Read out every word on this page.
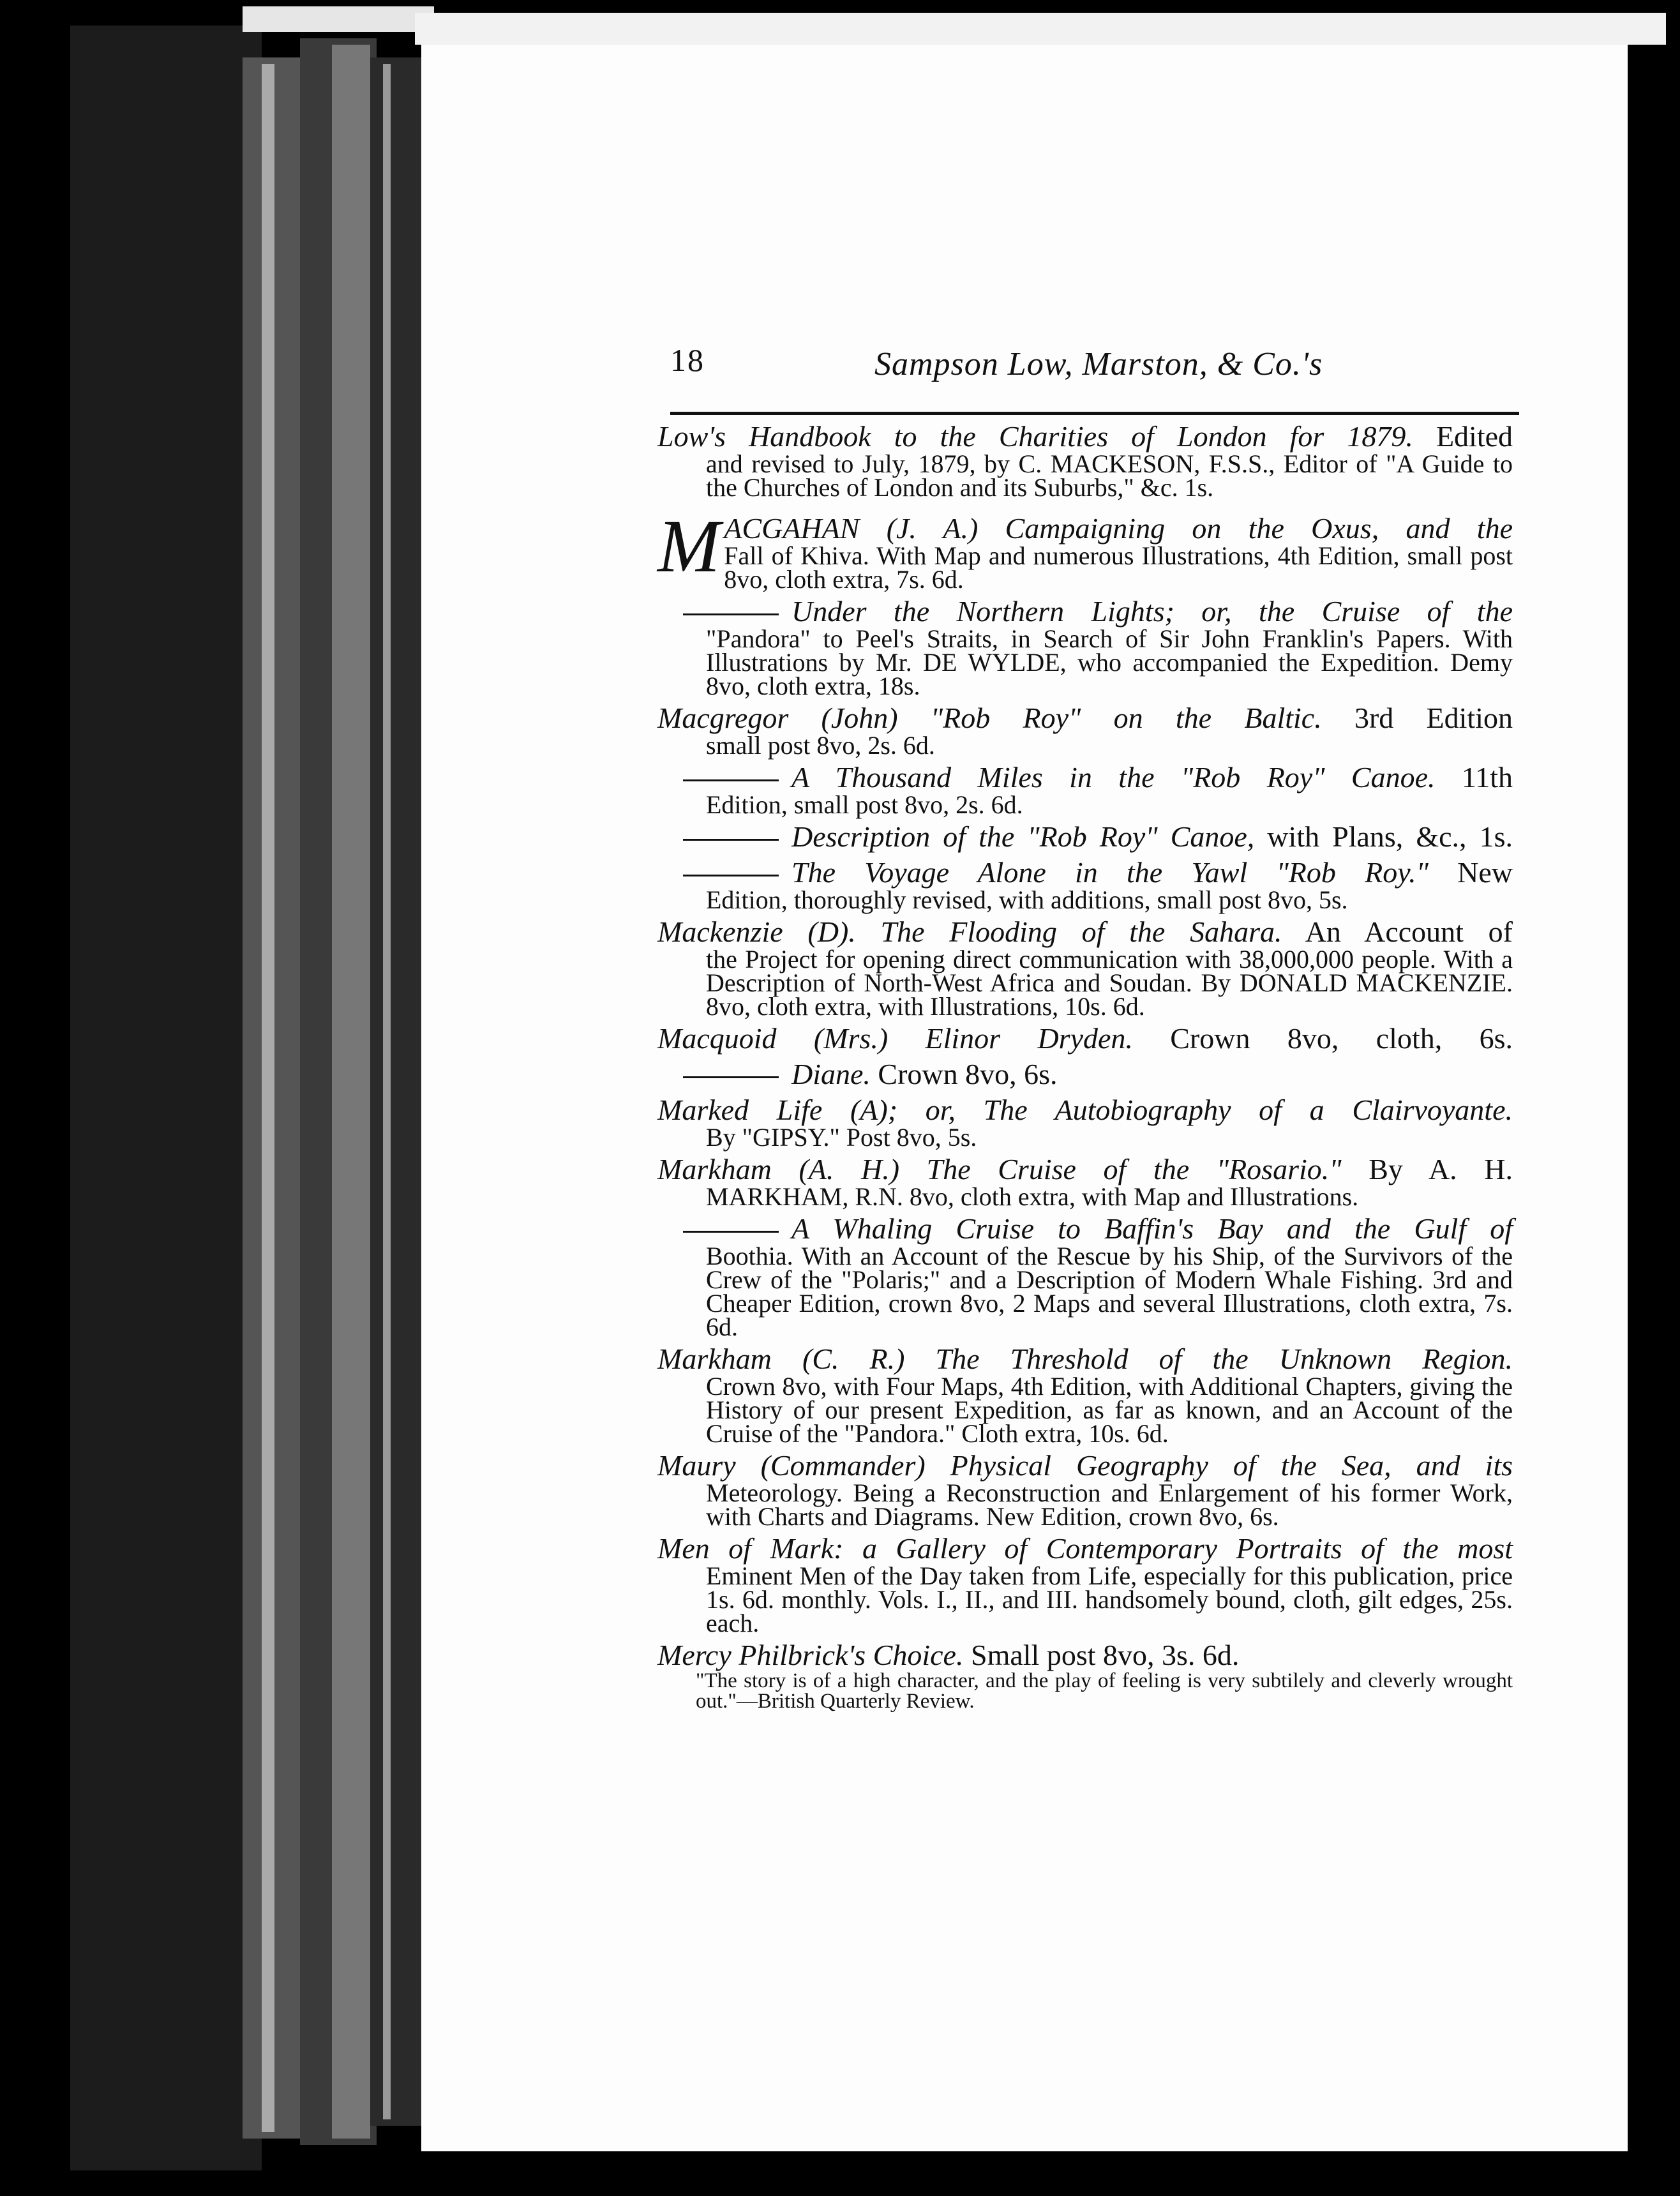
18	Sampson Low, Marston, & Co.'s
Low's Handbook to the Charities of London for 1879. Edited
and revised to July, 1879, by C. MACKESON, F.S.S., Editor of "A Guide to the Churches of London and its Suburbs," &c. 1s.
M ACGAHAN (J. A.) Campaigning on the Oxus, and the
Fall of Khiva. With Map and numerous Illustrations, 4th Edition, small post 8vo, cloth extra, 7s. 6d.
Under the Northern Lights; or, the Cruise of the
"Pandora" to Peel's Straits, in Search of Sir John Franklin's Papers. With Illustrations by Mr. DE WYLDE, who accompanied the Expedition. Demy 8vo, cloth extra, 18s.
Macgregor (John) "Rob Roy" on the Baltic. 3rd Edition
small post 8vo, 2s. 6d.
A Thousand Miles in the "Rob Roy" Canoe. 11th
Edition, small post 8vo, 2s. 6d.
Description of the "Rob Roy" Canoe, with Plans, &c., 1s.
The Voyage Alone in the Yawl "Rob Roy." New
Edition, thoroughly revised, with additions, small post 8vo, 5s.
Mackenzie (D). The Flooding of the Sahara. An Account of
the Project for opening direct communication with 38,000,000 people. With a Description of North-West Africa and Soudan. By DONALD MACKENZIE. 8vo, cloth extra, with Illustrations, 10s. 6d.
Macquoid (Mrs.) Elinor Dryden. Crown 8vo, cloth, 6s.
Diane. Crown 8vo, 6s.
Marked Life (A); or, The Autobiography of a Clairvoyante.
By "GIPSY." Post 8vo, 5s.
Markham (A. H.) The Cruise of the "Rosario." By A. H.
MARKHAM, R.N. 8vo, cloth extra, with Map and Illustrations.
A Whaling Cruise to Baffin's Bay and the Gulf of
Boothia. With an Account of the Rescue by his Ship, of the Survivors of the Crew of the "Polaris;" and a Description of Modern Whale Fishing. 3rd and Cheaper Edition, crown 8vo, 2 Maps and several Illustrations, cloth extra, 7s. 6d.
Markham (C. R.) The Threshold of the Unknown Region.
Crown 8vo, with Four Maps, 4th Edition, with Additional Chapters, giving the History of our present Expedition, as far as known, and an Account of the Cruise of the "Pandora." Cloth extra, 10s. 6d.
Maury (Commander) Physical Geography of the Sea, and its
Meteorology. Being a Reconstruction and Enlargement of his former Work, with Charts and Diagrams. New Edition, crown 8vo, 6s.
Men of Mark: a Gallery of Contemporary Portraits of the most
Eminent Men of the Day taken from Life, especially for this publication, price 1s. 6d. monthly. Vols. I., II., and III. handsomely bound, cloth, gilt edges, 25s. each.
Mercy Philbrick's Choice. Small post 8vo, 3s. 6d.
"The story is of a high character, and the play of feeling is very subtilely and cleverly wrought out."—British Quarterly Review.
